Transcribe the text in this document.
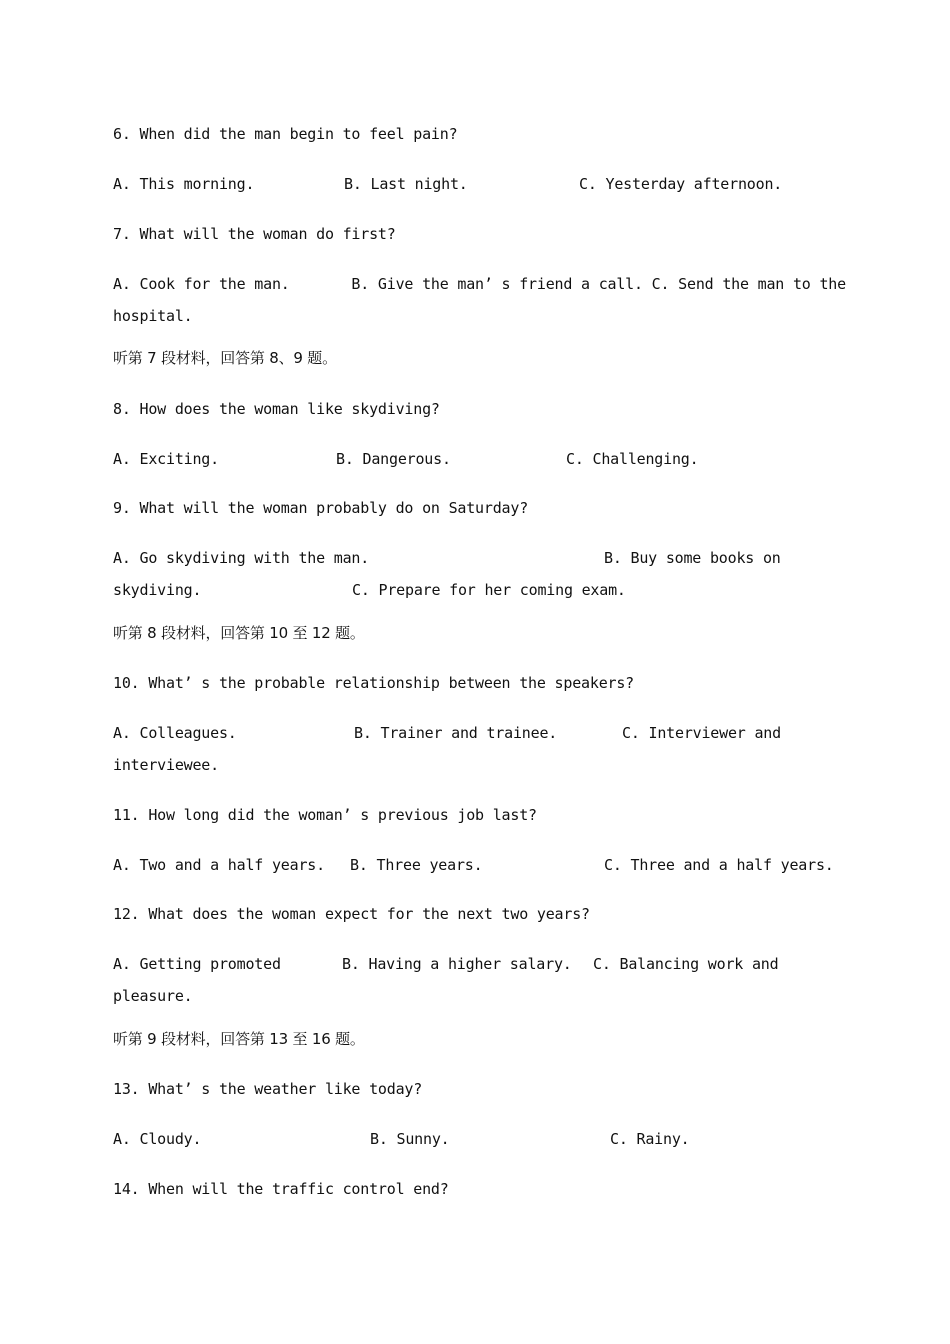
6. When did the man begin to feel pain?
A. This morning.	B. Last night.	C. Yesterday afternoon.
7. What will the woman do first?
A. Cook for the man.       B. Give the man’ s friend a call. C. Send the man to the
hospital.
听第 7 段材料，回答第 8、9 题。
8. How does the woman like skydiving?
A. Exciting.	B. Dangerous.	C. Challenging.
9. What will the woman probably do on Saturday?
A. Go skydiving with the man.	B. Buy some books on
skydiving.	C. Prepare for her coming exam.
听第 8 段材料，回答第 10 至 12 题。
10. What’ s the probable relationship between the speakers?
A. Colleagues.	B. Trainer and trainee.	C. Interviewer and
interviewee.
11. How long did the woman’ s previous job last?
A. Two and a half years. B. Three years.	C. Three and a half years.
12. What does the woman expect for the next two years?
A. Getting promoted	B. Having a higher salary. C. Balancing work and
pleasure.
听第 9 段材料，回答第 13 至 16 题。
13. What’ s the weather like today?
A. Cloudy.	B. Sunny.	C. Rainy.
14. When will the traffic control end?
